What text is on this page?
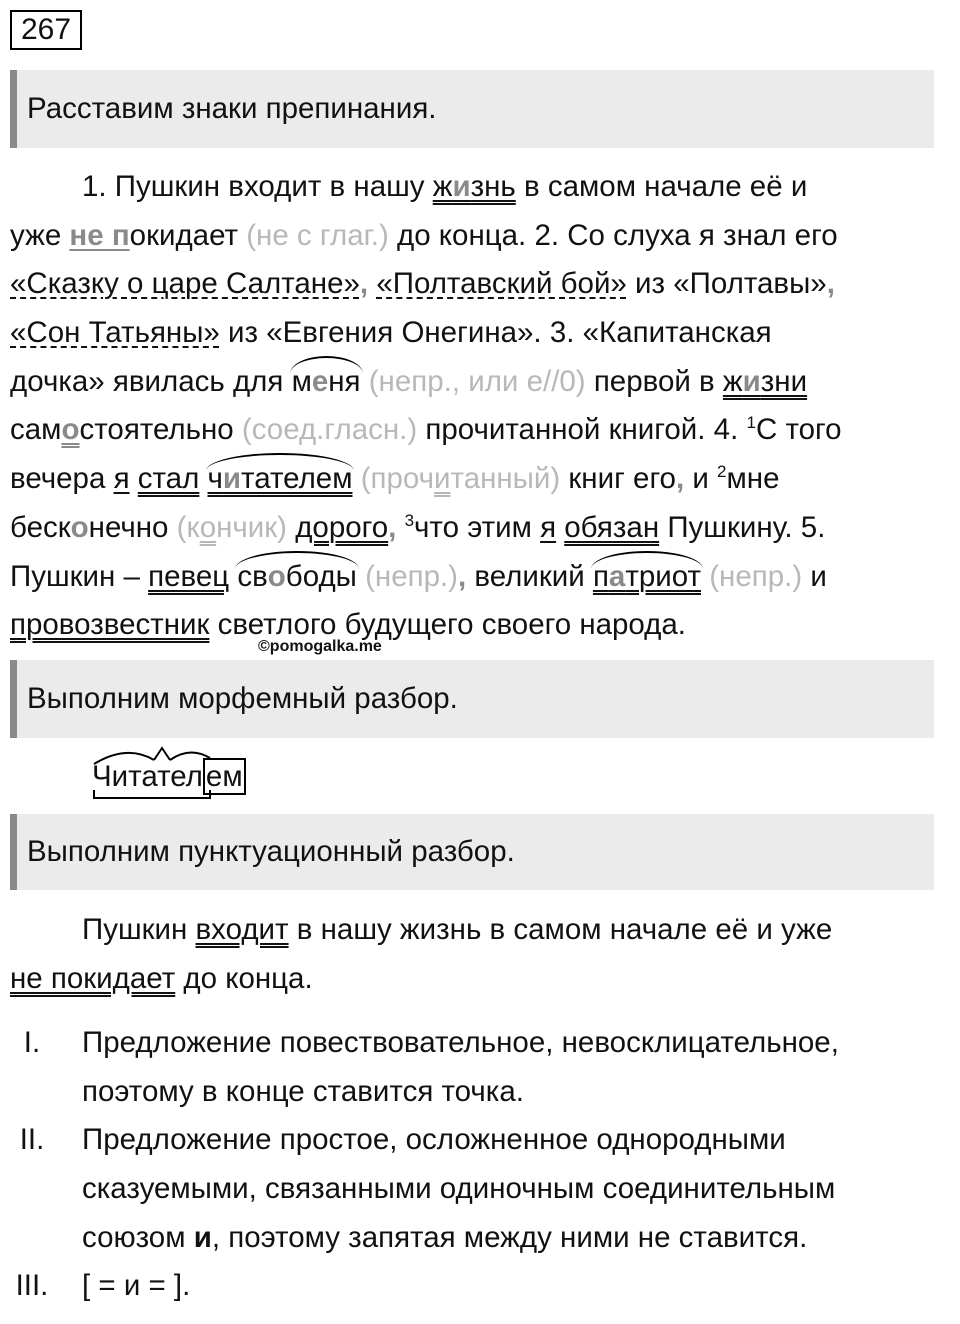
267
Расставим знаки препинания.
1. Пушкин входит в нашу жизнь в самом начале её и
уже не покидает (не с глаг.) до конца. 2. Со слуха я знал его
«Сказку о царе Салтане», «Полтавский бой» из «Полтавы»,
«Сон Татьяны» из «Евгения Онегина». 3. «Капитанская
дочка» явилась для меня (непр., или е//0) первой в жизни
самостоятельно (соед.гласн.) прочитанной книгой. 4. $^1$С того
вечера я стал читателем (прочитанный) книг его, и $^2$мне
бесконечно (кончик) дорого, $^3$что этим я обязан Пушкину. 5.
Пушкин – певец свободы (непр.), великий патриот (непр.) и
провозвестник светлого будущего своего народа.
©pomogalka.me
Выполним морфемный разбор.
Читател ем
Выполним пунктуационный разбор.
Пушкин входит в нашу жизнь в самом начале её и уже
не покидает до конца.
I.	Предложение повествовательное, невосклицательное,
поэтому в конце ставится точка.
II.	Предложение простое, осложненное однородными
сказуемыми, связанными одиночным соединительным
союзом и, поэтому запятая между ними не ставится.
III. [ = и = ].
